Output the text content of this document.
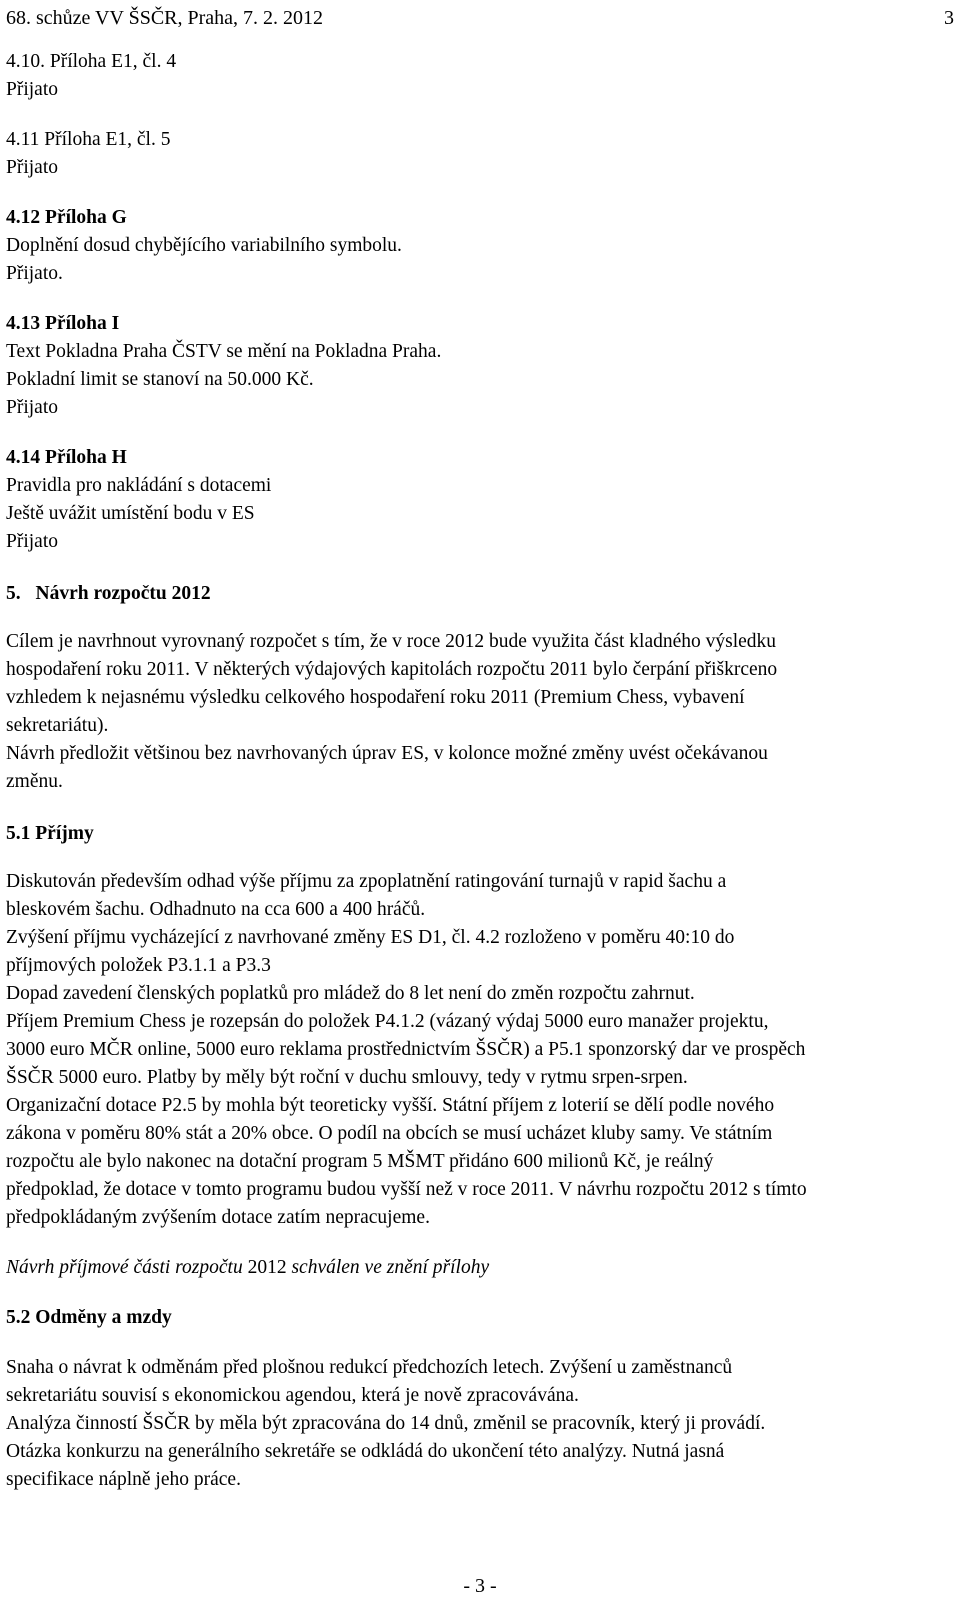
68. schůze VV ŠSČR, Praha, 7. 2. 2012	3
4.10. Příloha E1, čl. 4
Přijato
4.11 Příloha E1, čl. 5
Přijato
4.12 Příloha G
Doplnění dosud chybějícího variabilního symbolu.
Přijato.
4.13 Příloha I
Text Pokladna Praha ČSTV se mění na Pokladna Praha.
Pokladní limit se stanoví na 50.000 Kč.
Přijato
4.14 Příloha H
Pravidla pro nakládání s dotacemi
Ještě uvážit umístění bodu v ES
Přijato
5. Návrh rozpočtu 2012
Cílem je navrhnout vyrovnaný rozpočet s tím, že v roce 2012 bude využita část kladného výsledku
hospodaření roku 2011. V některých výdajových kapitolách rozpočtu 2011 bylo čerpání přiškrceno
vzhledem k nejasnému výsledku celkového hospodaření roku 2011 (Premium Chess, vybavení
sekretariátu).
Návrh předložit většinou bez navrhovaných úprav ES, v kolonce možné změny uvést očekávanou
změnu.
5.1 Příjmy
Diskutován především odhad výše příjmu za zpoplatnění ratingování turnajů v rapid šachu a
bleskovém šachu. Odhadnuto na cca 600 a 400 hráčů.
Zvýšení příjmu vycházející z navrhované změny ES D1, čl. 4.2 rozloženo v poměru 40:10 do
příjmových položek P3.1.1 a P3.3
Dopad zavedení členských poplatků pro mládež do 8 let není do změn rozpočtu zahrnut.
Příjem Premium Chess je rozepsán do položek P4.1.2 (vázaný výdaj 5000 euro manažer projektu,
3000 euro MČR online, 5000 euro reklama prostřednictvím ŠSČR) a P5.1 sponzorský dar ve prospěch
ŠSČR 5000 euro. Platby by měly být roční v duchu smlouvy, tedy v rytmu srpen-srpen.
Organizační dotace P2.5 by mohla být teoreticky vyšší. Státní příjem z loterií se dělí podle nového
zákona v poměru 80% stát a 20% obce. O podíl na obcích se musí ucházet kluby samy. Ve státním
rozpočtu ale bylo nakonec na dotační program 5 MŠMT přidáno 600 milionů Kč, je reálný
předpoklad, že dotace v tomto programu budou vyšší než v roce 2011. V návrhu rozpočtu 2012 s tímto
předpokládaným zvýšením dotace zatím nepracujeme.
Návrh příjmové části rozpočtu 2012 schválen ve znění přílohy
5.2 Odměny a mzdy
Snaha o návrat k odměnám před plošnou redukcí předchozích letech. Zvýšení u zaměstnanců
sekretariátu souvisí s ekonomickou agendou, která je nově zpracovávána.
Analýza činností ŠSČR by měla být zpracována do 14 dnů, změnil se pracovník, který ji provádí.
Otázka konkurzu na generálního sekretáře se odkládá do ukončení této analýzy. Nutná jasná
specifikace náplně jeho práce.
- 3 -
